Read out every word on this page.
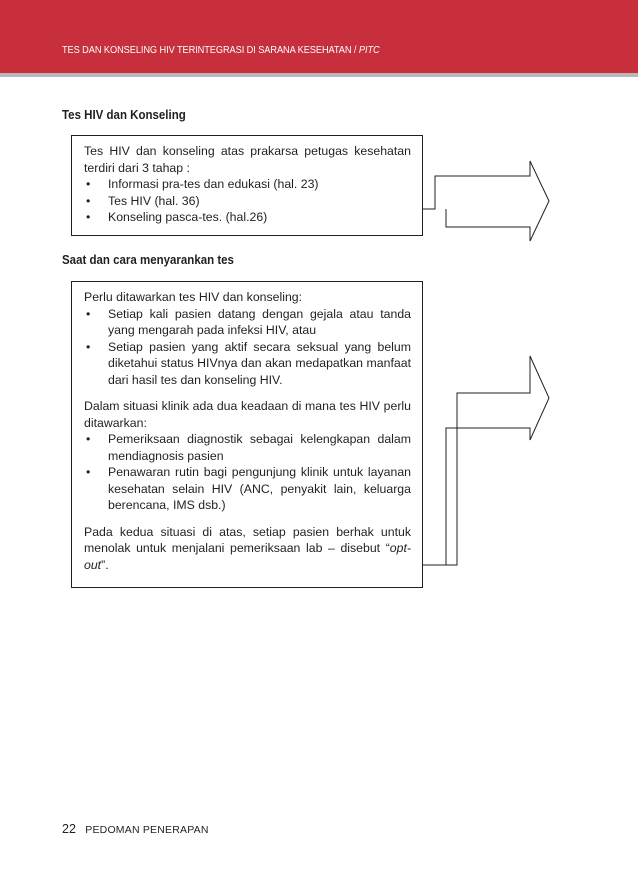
TES DAN KONSELING HIV TERINTEGRASI DI SARANA KESEHATAN / PITC
Tes HIV dan Konseling

Tes HIV dan konseling atas prakarsa petugas kesehatan terdiri dari 3 tahap :

• Informasi pra-tes dan edukasi (hal. 23)
• Tes HIV (hal. 36)
• Konseling pasca-tes. (hal.26)
Saat dan cara menyarankan tes

Perlu ditawarkan tes HIV dan konseling:

• Setiap kali pasien datang dengan gejala atau tanda yang mengarah pada infeksi HIV, atau
• Setiap pasien yang aktif secara seksual yang belum diketahui status HIVnya dan akan medapatkan manfaat dari hasil tes dan konseling HIV.

Dalam situasi klinik ada dua keadaan di mana tes HIV perlu ditawarkan:

• Pemeriksaan diagnostik sebagai kelengkapan dalam mendiagnosis pasien
• Penawaran rutin bagi pengunjung klinik untuk layanan kesehatan selain HIV (ANC, penyakit lain, keluarga berencana, IMS dsb.)

Pada kedua situasi di atas, setiap pasien berhak untuk menolak untuk menjalani pemeriksaan lab – disebut “opt-out”.

22 PEDOMAN PENERAPAN
